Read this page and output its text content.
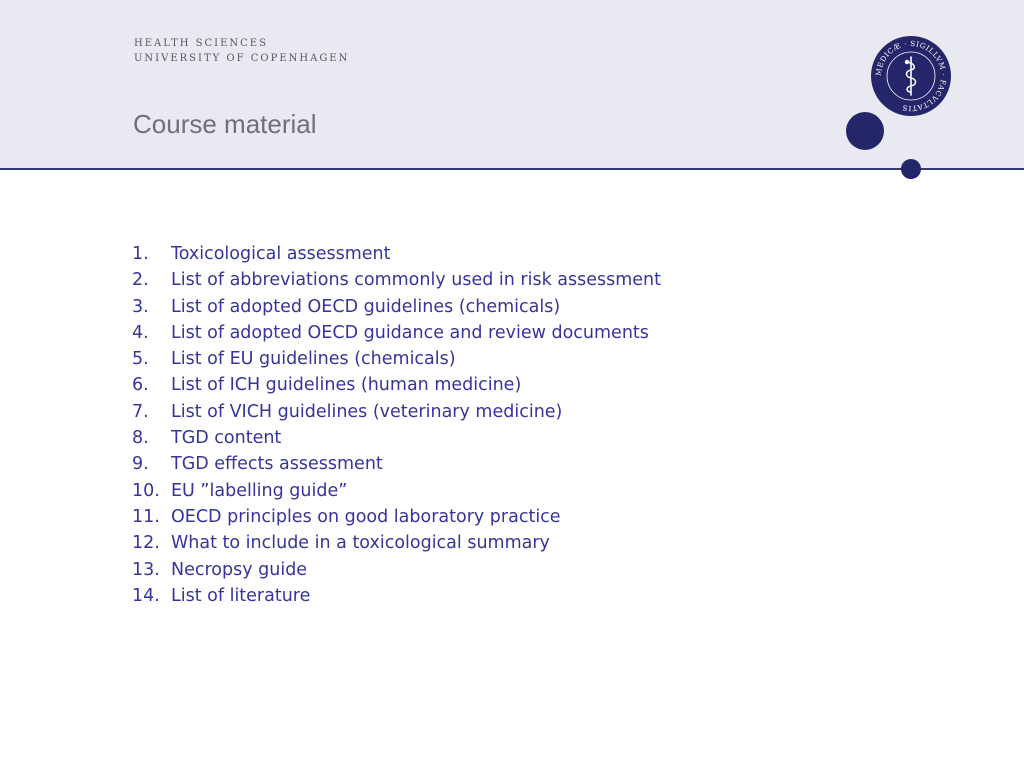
HEALTH SCIENCES
UNIVERSITY OF COPENHAGEN
Course material
MEDICÆ · SIGILLVM · FACVLTATIS
1.	Toxicological assessment
2.	List of abbreviations commonly used in risk assessment
3.	List of adopted OECD guidelines (chemicals)
4.	List of adopted OECD guidance and review documents
5.	List of EU guidelines (chemicals)
6.	List of ICH guidelines (human medicine)
7.	List of VICH guidelines (veterinary medicine)
8.	TGD content
9.	TGD effects assessment
10. EU ”labelling guide”
11. OECD principles on good laboratory practice
12. What to include in a toxicological summary
13. Necropsy guide
14. List of literature
